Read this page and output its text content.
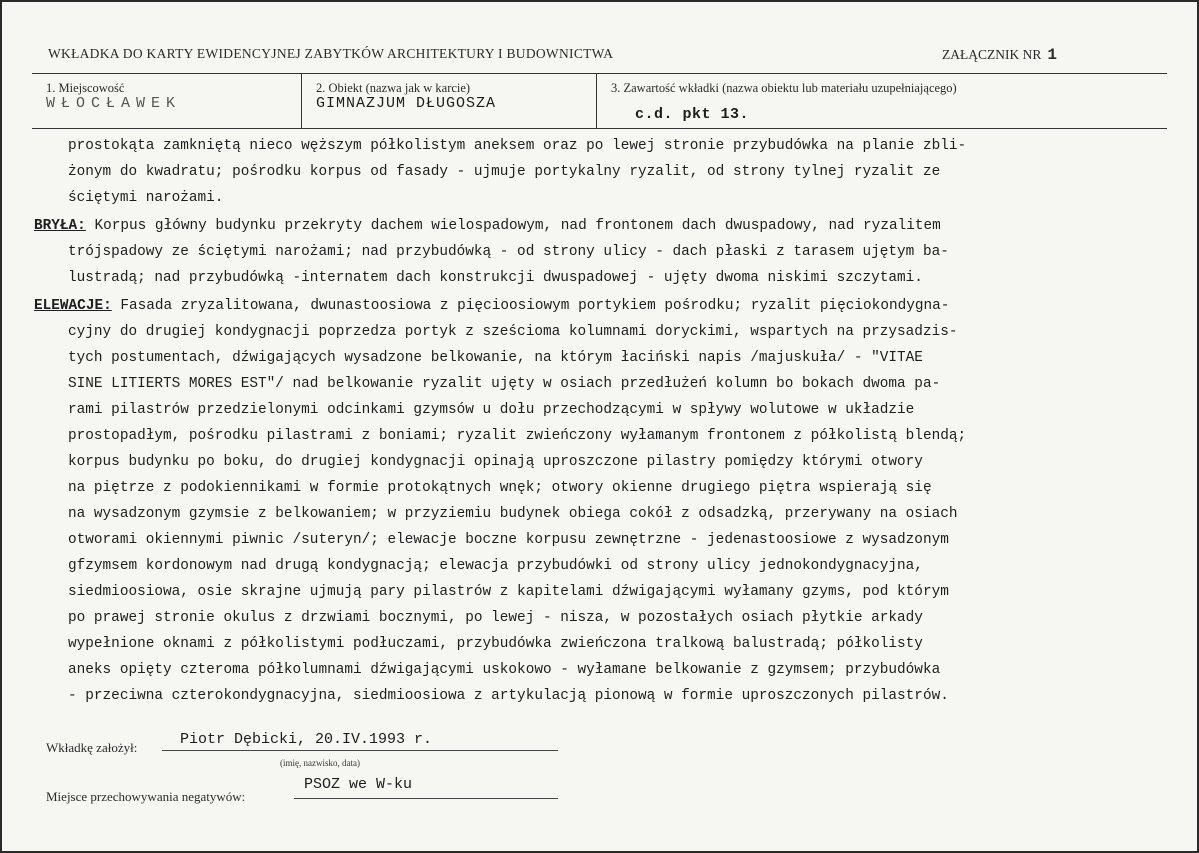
WKŁADKA DO KARTY EWIDENCYJNEJ ZABYTKÓW ARCHITEKTURY I BUDOWNICTWA	ZAŁĄCZNIK NR 1
1. Miejscowość
WŁOCŁAWEK
2. Obiekt (nazwa jak w karcie)
GIMNAZJUM DŁUGOSZA
3. Zawartość wkładki (nazwa obiektu lub materiału uzupełniającego)
c.d. pkt 13.
prostokąta zamkniętą nieco węższym półkolistym aneksem oraz po lewej stronie przybudówka na planie zbli-
żonym do kwadratu; pośrodku korpus od fasady - ujmuje portykalny ryzalit, od strony tylnej ryzalit ze
ściętymi narożami.
BRYŁA: Korpus główny budynku przekryty dachem wielospadowym, nad frontonem dach dwuspadowy, nad ryzalitem
trójspadowy ze ściętymi narożami; nad przybudówką - od strony ulicy - dach płaski z tarasem ujętym ba-
lustradą; nad przybudówką -internatem dach konstrukcji dwuspadowej - ujęty dwoma niskimi szczytami.
ELEWACJE: Fasada zryzalitowana, dwunastoosiowa z pięcioosiowym portykiem pośrodku; ryzalit pięciokondygna-
cyjny do drugiej kondygnacji poprzedza portyk z sześcioma kolumnami doryckimi, wspartych na przysadzis-
tych postumentach, dźwigających wysadzone belkowanie, na którym łaciński napis /majuskuła/ - "VITAE
SINE LITIERTS MORES EST"/ nad belkowanie ryzalit ujęty w osiach przedłużeń kolumn bo bokach dwoma pa-
rami pilastrów przedzielonymi odcinkami gzymsów u dołu przechodzącymi w spływy wolutowe w układzie
prostopadłym, pośrodku pilastrami z boniami; ryzalit zwieńczony wyłamanym frontonem z półkolistą blendą;
korpus budynku po boku, do drugiej kondygnacji opinają uproszczone pilastry pomiędzy którymi otwory
na piętrze z podokiennikami w formie protokątnych wnęk; otwory okienne drugiego piętra wspierają się
na wysadzonym gzymsie z belkowaniem; w przyziemiu budynek obiega cokół z odsadzką, przerywany na osiach
otworami okiennymi piwnic /suteryn/; elewacje boczne korpusu zewnętrzne - jedenastoosiowe z wysadzonym
gfzymsem kordonowym nad drugą kondygnacją; elewacja przybudówki od strony ulicy jednokondygnacyjna,
siedmioosiowa, osie skrajne ujmują pary pilastrów z kapitelami dźwigającymi wyłamany gzyms, pod którym
po prawej stronie okulus z drzwiami bocznymi, po lewej - nisza, w pozostałych osiach płytkie arkady
wypełnione oknami z półkolistymi podłuczami, przybudówka zwieńczona tralkową balustradą; półkolisty
aneks opięty czteroma półkolumnami dźwigającymi uskokowo - wyłamane belkowanie z gzymsem; przybudówka
- przeciwna czterokondygnacyjna, siedmioosiowa z artykulacją pionową w formie uproszczonych pilastrów.
Wkładkę założył:	Piotr Dębicki, 20.IV.1993 r.
(imię, nazwisko, data)
Miejsce przechowywania negatywów:
PSOZ we W-ku
